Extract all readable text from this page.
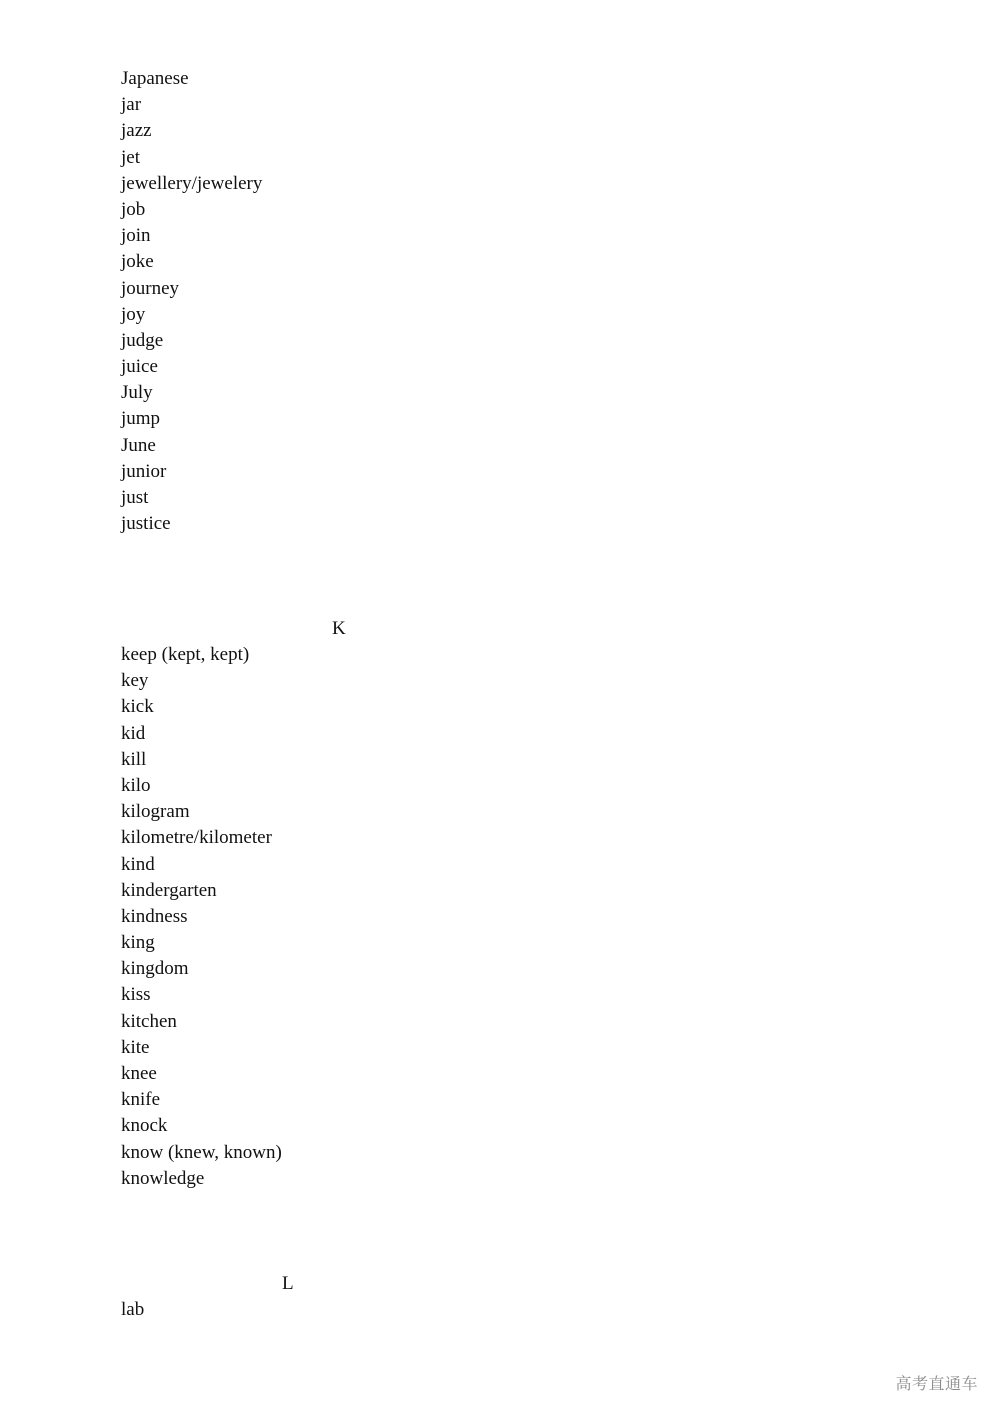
Japanese
jar
jazz
jet
jewellery/jewelery
job
join
joke
journey
joy
judge
juice
July
jump
June
junior
just
justice
K
keep (kept, kept)
key
kick
kid
kill
kilo
kilogram
kilometre/kilometer
kind
kindergarten
kindness
king
kingdom
kiss
kitchen
kite
knee
knife
knock
know (knew, known)
knowledge
L
lab
高考直通车
